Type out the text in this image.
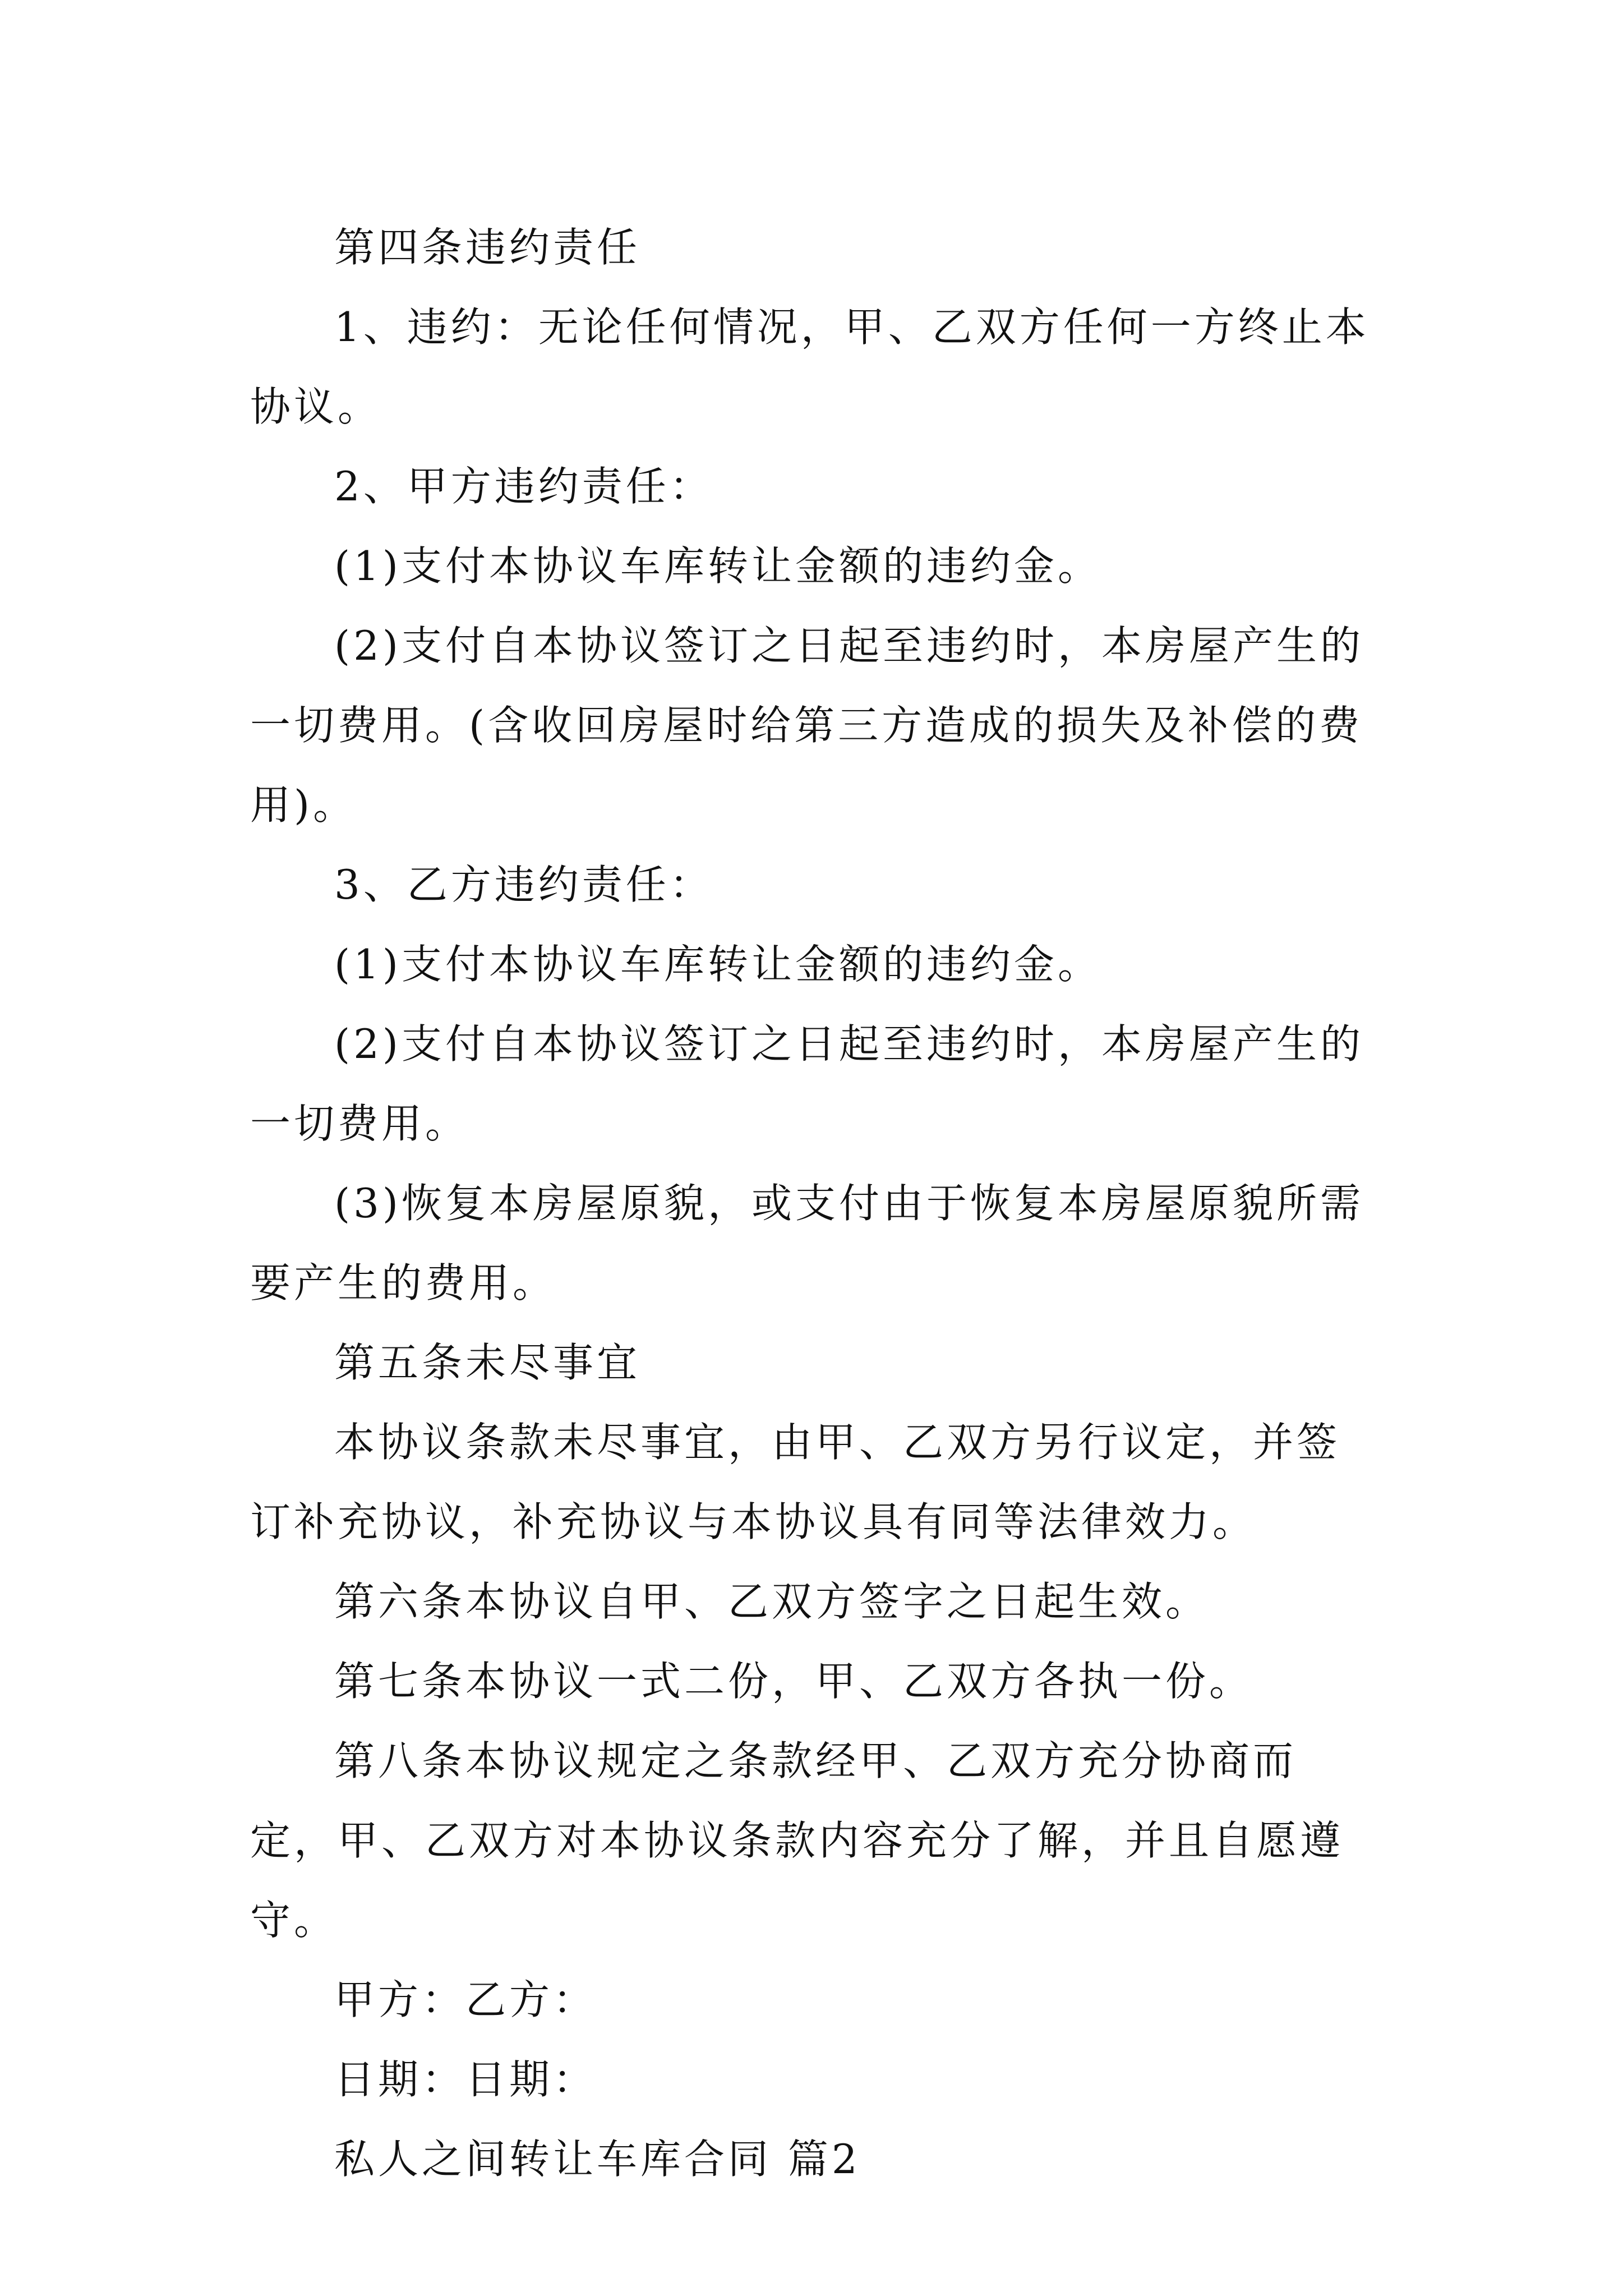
第四条违约责任

1、违约：无论任何情况，甲、乙双方任何一方终止本协议。

2、甲方违约责任：

(1)支付本协议车库转让金额的违约金。

(2)支付自本协议签订之日起至违约时，本房屋产生的一切费用。(含收回房屋时给第三方造成的损失及补偿的费用)。

3、乙方违约责任：

(1)支付本协议车库转让金额的违约金。

(2)支付自本协议签订之日起至违约时，本房屋产生的一切费用。

(3)恢复本房屋原貌，或支付由于恢复本房屋原貌所需要产生的费用。

第五条未尽事宜

本协议条款未尽事宜，由甲、乙双方另行议定，并签订补充协议，补充协议与本协议具有同等法律效力。

第六条本协议自甲、乙双方签字之日起生效。

第七条本协议一式二份，甲、乙双方各执一份。

第八条本协议规定之条款经甲、乙双方充分协商而定，甲、乙双方对本协议条款内容充分了解，并且自愿遵守。

甲方：乙方：

日期：日期：

私人之间转让车库合同 篇2
